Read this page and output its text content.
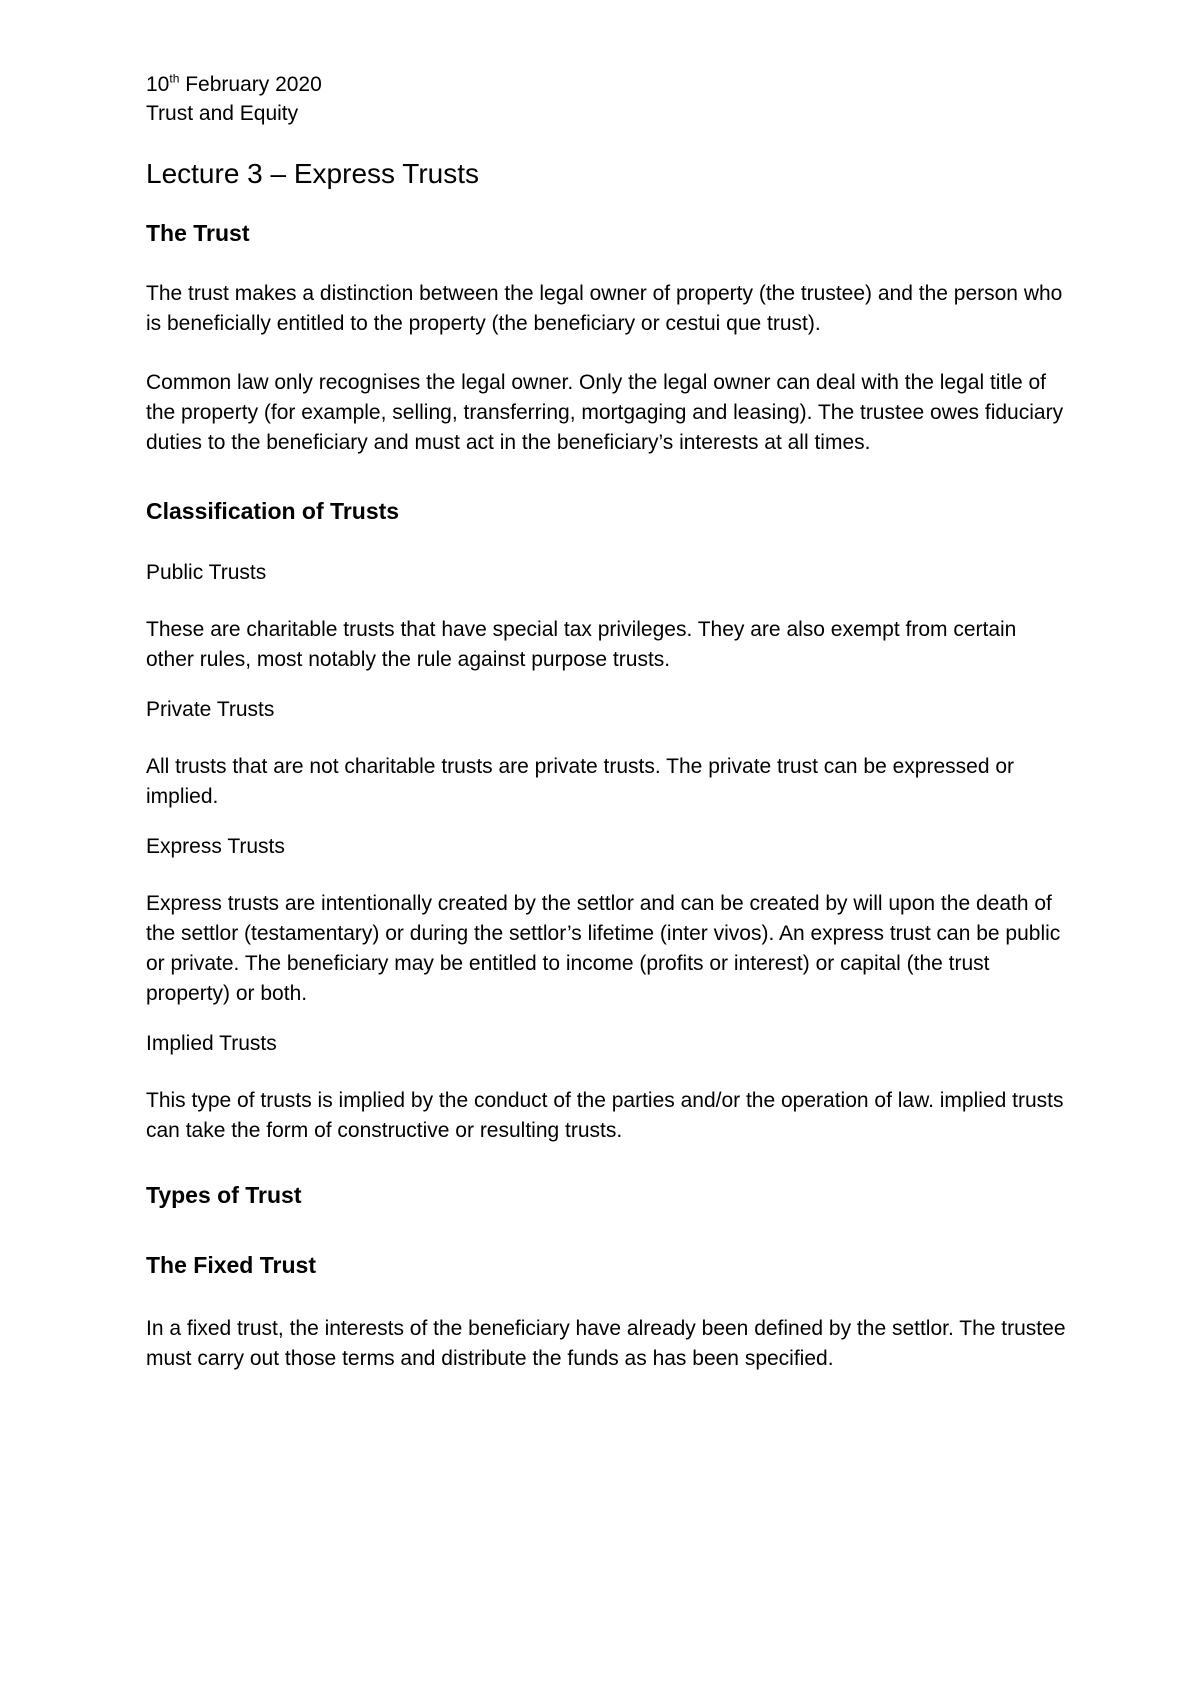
10th February 2020

Trust and Equity

Lecture 3 – Express Trusts
The Trust

The trust makes a distinction between the legal owner of property (the trustee) and the person who is beneficially entitled to the property (the beneficiary or cestui que trust).

Common law only recognises the legal owner. Only the legal owner can deal with the legal title of the property (for example, selling, transferring, mortgaging and leasing). The trustee owes fiduciary duties to the beneficiary and must act in the beneficiary’s interests at all times.

Classification of Trusts

Public Trusts

These are charitable trusts that have special tax privileges. They are also exempt from certain other rules, most notably the rule against purpose trusts.

Private Trusts

All trusts that are not charitable trusts are private trusts. The private trust can be expressed or implied.

Express Trusts

Express trusts are intentionally created by the settlor and can be created by will upon the death of the settlor (testamentary) or during the settlor’s lifetime (inter vivos). An express trust can be public or private. The beneficiary may be entitled to income (profits or interest) or capital (the trust property) or both.

Implied Trusts

This type of trusts is implied by the conduct of the parties and/or the operation of law. implied trusts can take the form of constructive or resulting trusts.

Types of Trust
The Fixed Trust

In a fixed trust, the interests of the beneficiary have already been defined by the settlor. The trustee must carry out those terms and distribute the funds as has been specified.
